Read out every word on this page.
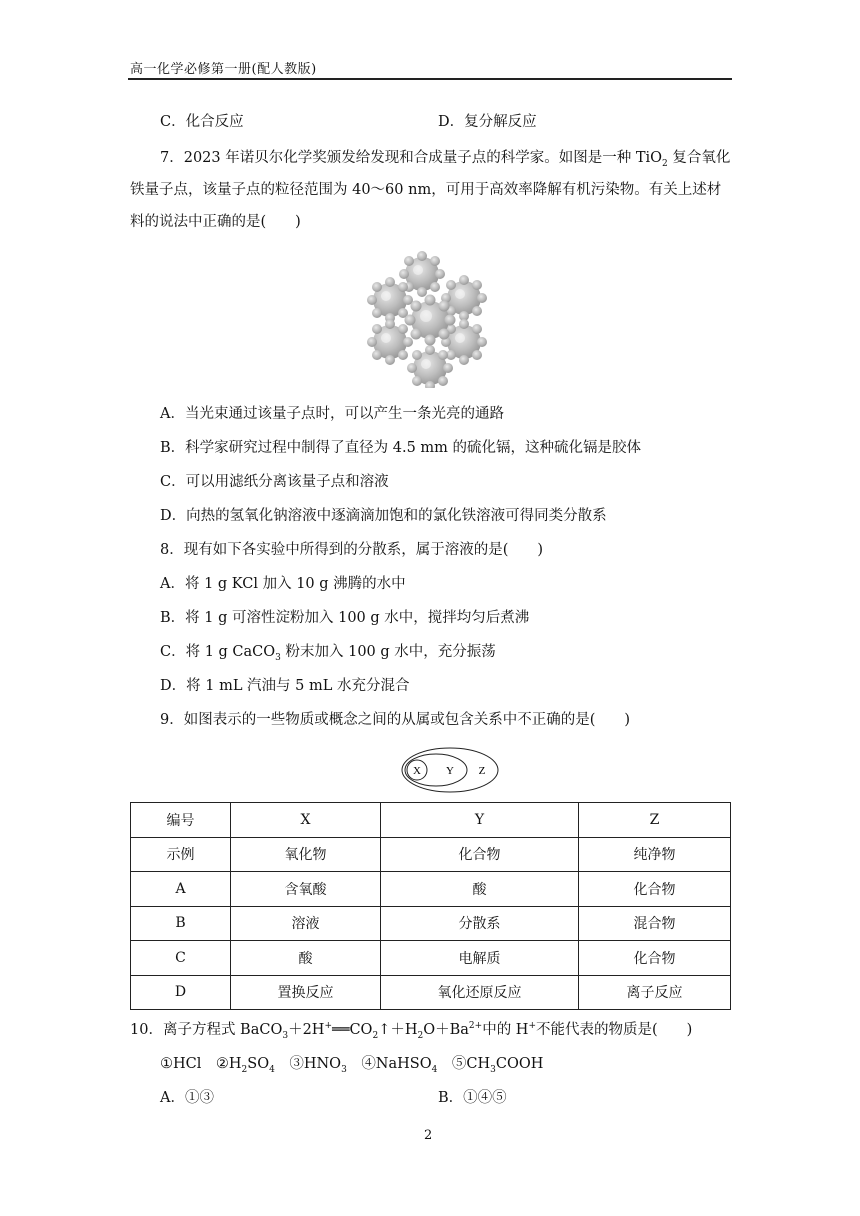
高一化学必修第一册(配人教版)
C．化合反应	D．复分解反应
7．2023 年诺贝尔化学奖颁发给发现和合成量子点的科学家。如图是一种 TiO$_2$ 复合氧化
铁量子点，该量子点的粒径范围为 40～60 nm，可用于高效率降解有机污染物。有关上述材
料的说法中正确的是(　　)
A．当光束通过该量子点时，可以产生一条光亮的通路
B．科学家研究过程中制得了直径为 4.5 mm 的硫化镉，这种硫化镉是胶体
C．可以用滤纸分离该量子点和溶液
D．向热的氢氧化钠溶液中逐滴滴加饱和的氯化铁溶液可得同类分散系
8．现有如下各实验中所得到的分散系，属于溶液的是(　　)
A．将 1 g KCl 加入 10 g 沸腾的水中
B．将 1 g 可溶性淀粉加入 100 g 水中，搅拌均匀后煮沸
C．将 1 g CaCO$_3$ 粉末加入 100 g 水中，充分振荡
D．将 1 mL 汽油与 5 mL 水充分混合
9．如图表示的一些物质或概念之间的从属或包含关系中不正确的是(　　)
X Y Z
编号	X	Y	Z
示例	氧化物	化合物	纯净物
A	含氧酸	酸	化合物
B	溶液	分散系	混合物
C	酸	电解质	化合物
D	置换反应	氧化还原反应	离子反应
10．离子方程式 $BaCO_3+2H^+══CO_2↑+H_2O+Ba^{2+}$中的 H+不能代表的物质是(　　)
①HCl　 $②H_2SO_4$　 $③HNO_3$　 ④NaHSO$_4$　 $⑤CH_3COOH$
A．①③	B．①④⑤
2
